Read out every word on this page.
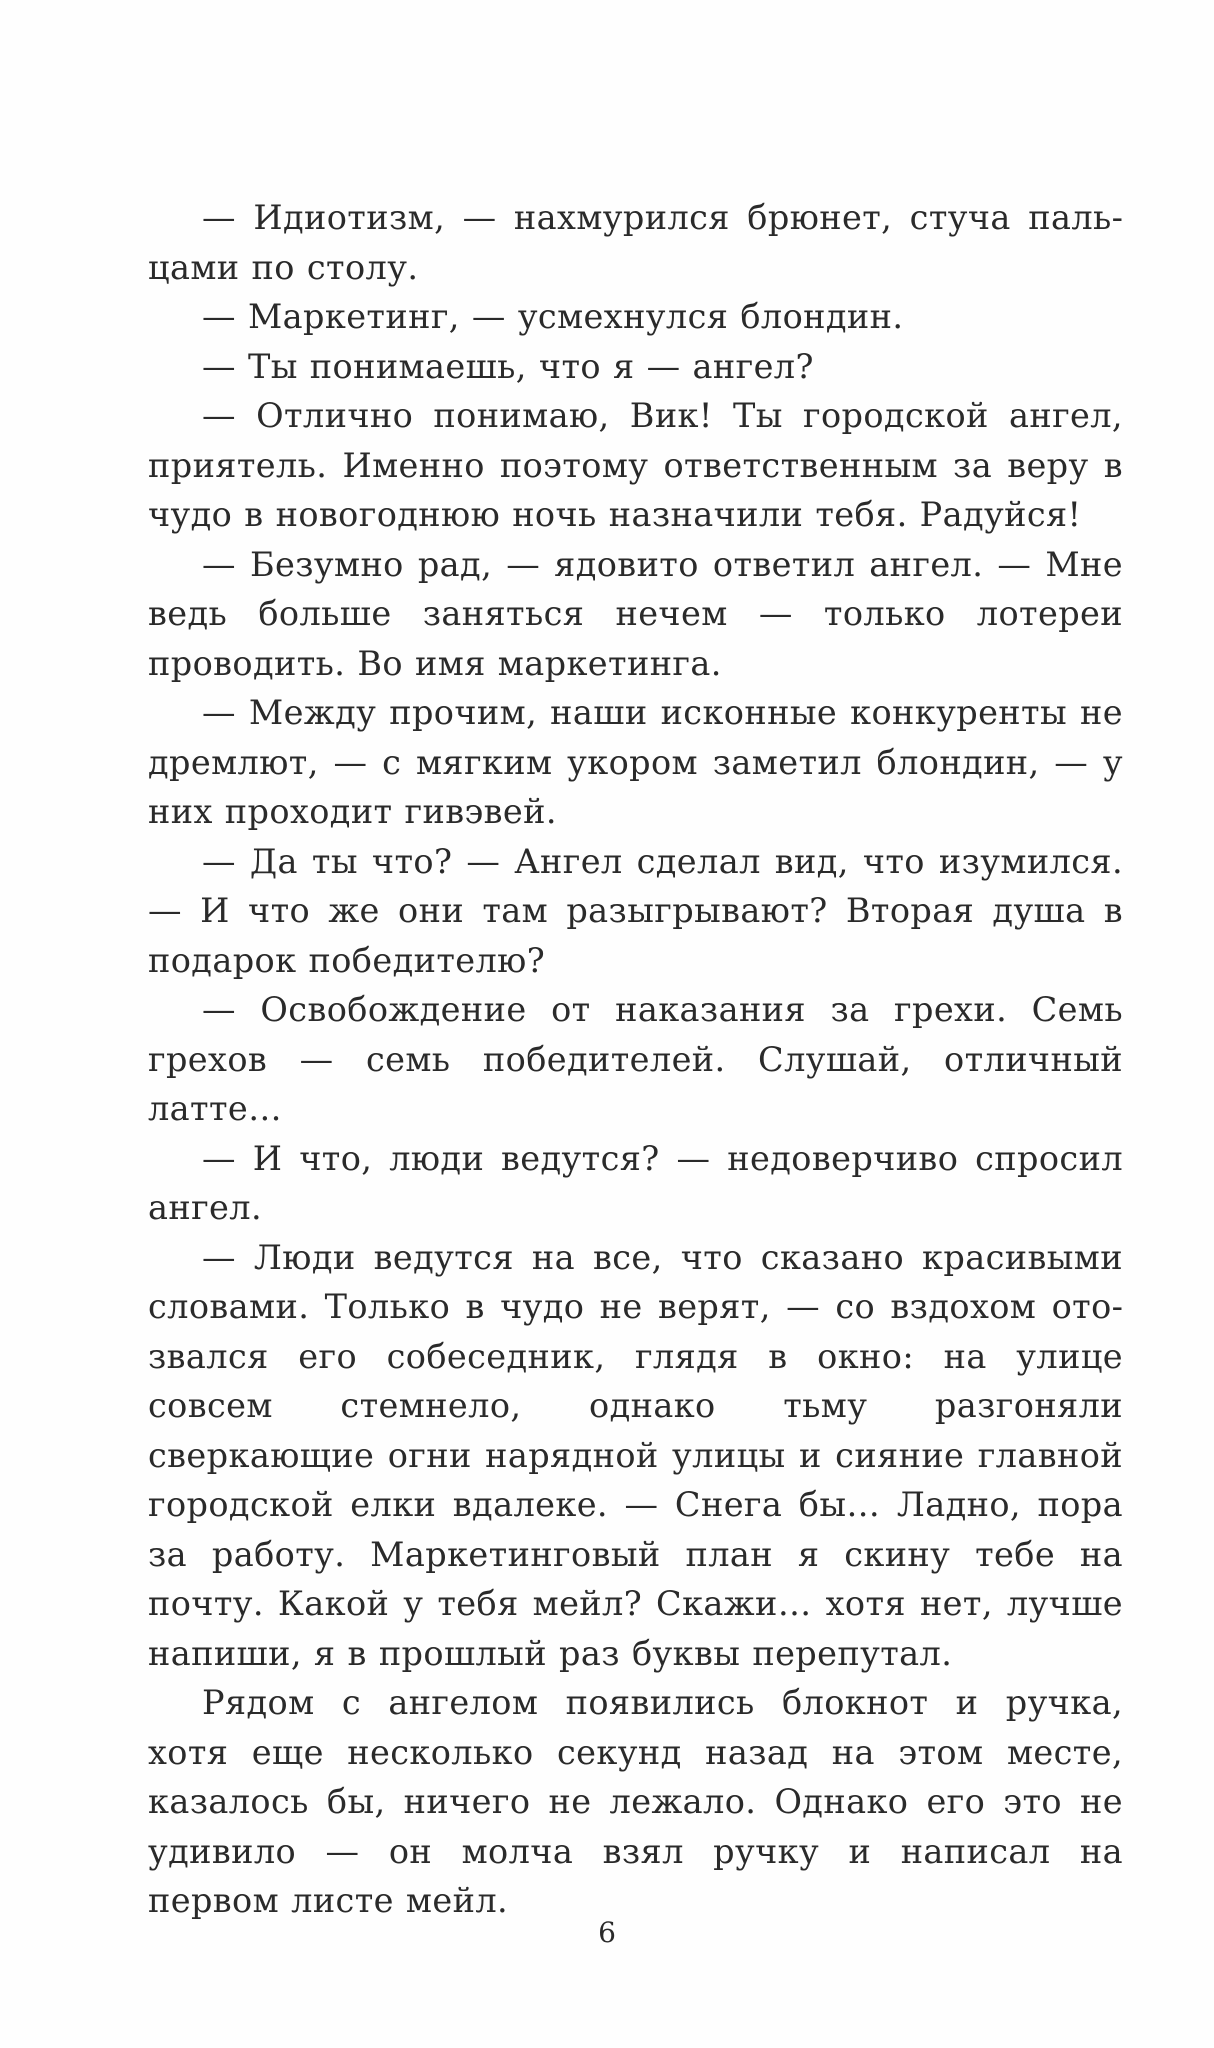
— Идиотизм, — нахмурился брюнет, стуча пальцами по столу.

— Маркетинг, — усмехнулся блондин.

— Ты понимаешь, что я — ангел?

— Отлично понимаю, Вик! Ты городской ангел, приятель. Именно поэтому ответственным за веру в чудо в новогоднюю ночь назначили тебя. Радуйся!

— Безумно рад, — ядовито ответил ангел. — Мне ведь больше заняться нечем — только лотереи проводить. Во имя маркетинга.

— Между прочим, наши исконные конкуренты не дремлют, — с мягким укором заметил блондин, — у них проходит гивэвей.

— Да ты что? — Ангел сделал вид, что изумился. — И что же они там разыгрывают? Вторая душа в подарок победителю?

— Освобождение от наказания за грехи. Семь грехов — семь победителей. Слушай, отличный латте…

— И что, люди ведутся? — недоверчиво спросил ангел.

— Люди ведутся на все, что сказано красивыми словами. Только в чудо не верят, — со вздохом отозвался его собеседник, глядя в окно: на улице совсем стемнело, однако тьму разгоняли сверкающие огни нарядной улицы и сияние главной городской елки вдалеке. — Снега бы… Ладно, пора за работу. Маркетинговый план я скину тебе на почту. Какой у тебя мейл? Скажи… хотя нет, лучше напиши, я в прошлый раз буквы перепутал.

Рядом с ангелом появились блокнот и ручка, хотя еще несколько секунд назад на этом месте, казалось бы, ничего не лежало. Однако его это не удивило — он молча взял ручку и написал на первом листе мейл.

6
